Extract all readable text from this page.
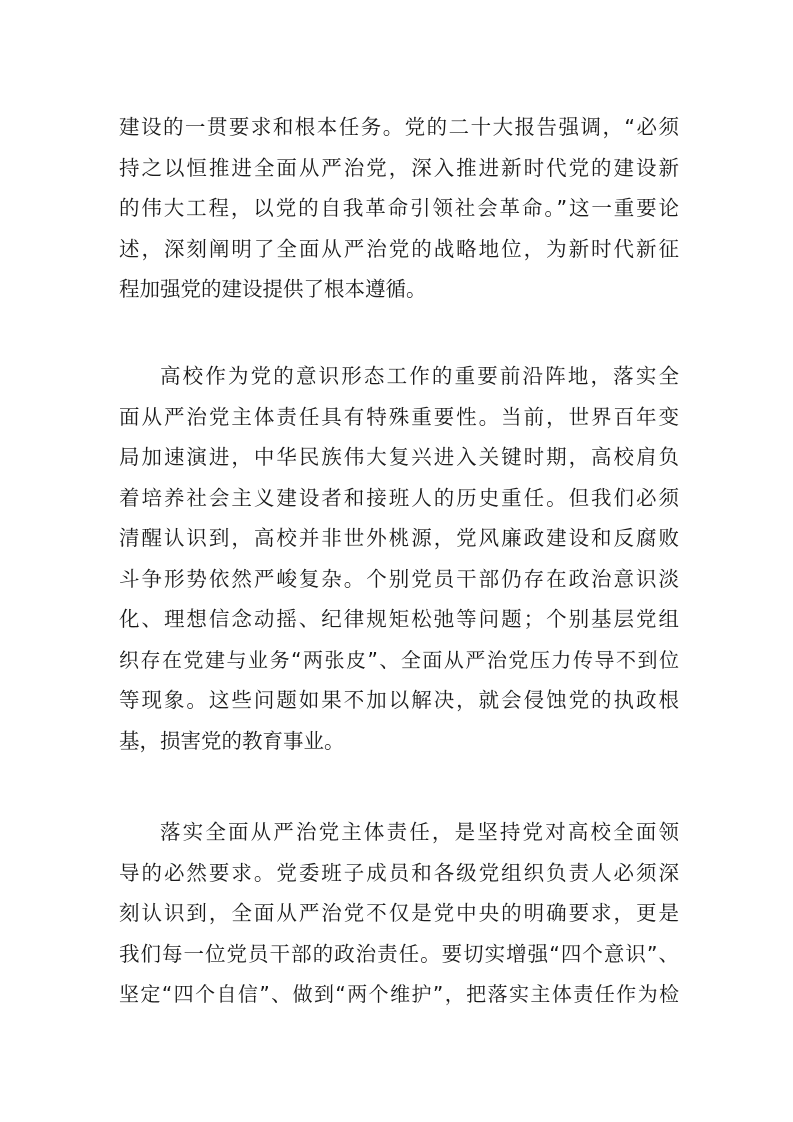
建设的一贯要求和根本任务。党的二十大报告强调，“必须
持之以恒推进全面从严治党，深入推进新时代党的建设新
的伟大工程，以党的自我革命引领社会革命。”这一重要论
述，深刻阐明了全面从严治党的战略地位，为新时代新征
程加强党的建设提供了根本遵循。
高校作为党的意识形态工作的重要前沿阵地，落实全
面从严治党主体责任具有特殊重要性。当前，世界百年变
局加速演进，中华民族伟大复兴进入关键时期，高校肩负
着培养社会主义建设者和接班人的历史重任。但我们必须
清醒认识到，高校并非世外桃源，党风廉政建设和反腐败
斗争形势依然严峻复杂。个别党员干部仍存在政治意识淡
化、理想信念动摇、纪律规矩松弛等问题；个别基层党组
织存在党建与业务“两张皮”、全面从严治党压力传导不到位
等现象。这些问题如果不加以解决，就会侵蚀党的执政根
基，损害党的教育事业。
落实全面从严治党主体责任，是坚持党对高校全面领
导的必然要求。党委班子成员和各级党组织负责人必须深
刻认识到，全面从严治党不仅是党中央的明确要求，更是
我们每一位党员干部的政治责任。要切实增强“四个意识”、
坚定“四个自信”、做到“两个维护”，把落实主体责任作为检
